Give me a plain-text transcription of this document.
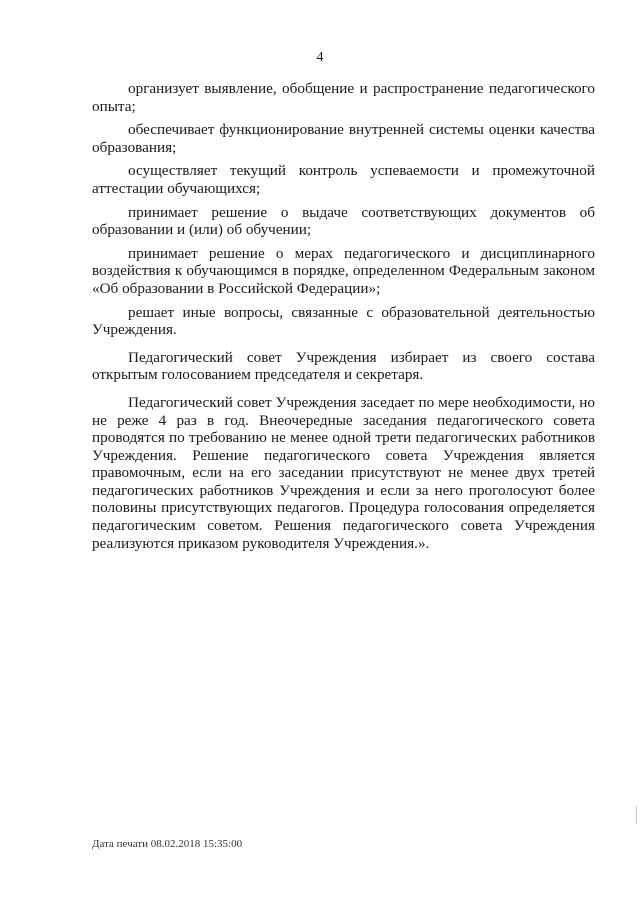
4

организует выявление, обобщение и распространение педагогического опыта;

обеспечивает функционирование внутренней системы оценки качества образования;

осуществляет текущий контроль успеваемости и промежуточной аттестации обучающихся;

принимает решение о выдаче соответствующих документов об образовании и (или) об обучении;

принимает решение о мерах педагогического и дисциплинарного воздействия к обучающимся в порядке, определенном Федеральным законом «Об образовании в Российской Федерации»;

решает иные вопросы, связанные с образовательной деятельностью Учреждения.

Педагогический совет Учреждения избирает из своего состава открытым голосованием председателя и секретаря.

Педагогический совет Учреждения заседает по мере необходимости, но не реже 4 раз в год. Внеочередные заседания педагогического совета проводятся по требованию не менее одной трети педагогических работников Учреждения. Решение педагогического совета Учреждения является правомочным, если на его заседании присутствуют не менее двух третей педагогических работников Учреждения и если за него проголосуют более половины присутствующих педагогов. Процедура голосования определяется педагогическим советом. Решения педагогического совета Учреждения реализуются приказом руководителя Учреждения.».

Дата печати 08.02.2018 15:35:00
